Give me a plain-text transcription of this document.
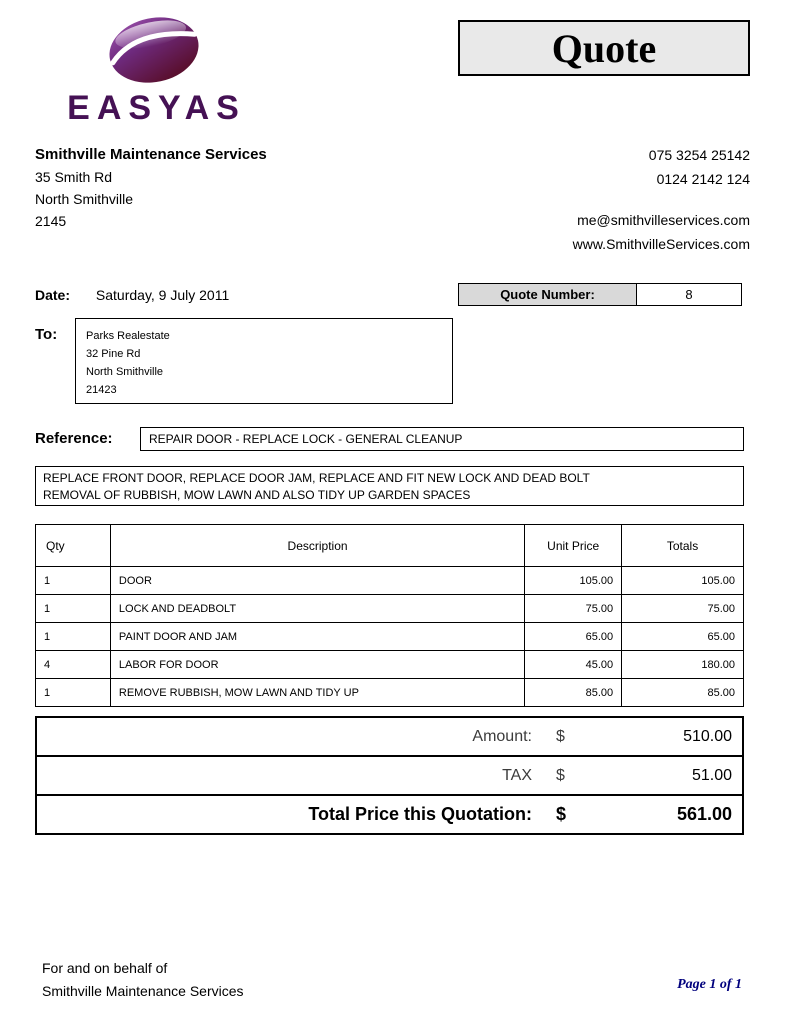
EASYAS
Quote
Smithville Maintenance Services
35 Smith Rd
North Smithville
2145
075 3254 25142
0124 2142 124
me@smithvilleservices.com
www.SmithvilleServices.com
Date: Saturday, 9 July 2011	Quote Number:	8
To:	Parks Realestate
32 Pine Rd
North Smithville
21423
Reference:	REPAIR DOOR - REPLACE LOCK - GENERAL CLEANUP
REPLACE FRONT DOOR, REPLACE DOOR JAM, REPLACE AND FIT NEW LOCK AND DEAD BOLT
REMOVAL OF RUBBISH, MOW LAWN AND ALSO TIDY UP GARDEN SPACES
Qty	Description	Unit Price	Totals
1	DOOR	105.00	105.00
1	LOCK AND DEADBOLT	75.00	75.00
1	PAINT DOOR AND JAM	65.00	65.00
4	LABOR FOR DOOR	45.00	180.00
1	REMOVE RUBBISH, MOW LAWN AND TIDY UP	85.00	85.00
Amount: $	510.00
TAX $	51.00
Total Price this Quotation: $	561.00
For and on behalf of
Smithville Maintenance Services	Page 1 of 1
